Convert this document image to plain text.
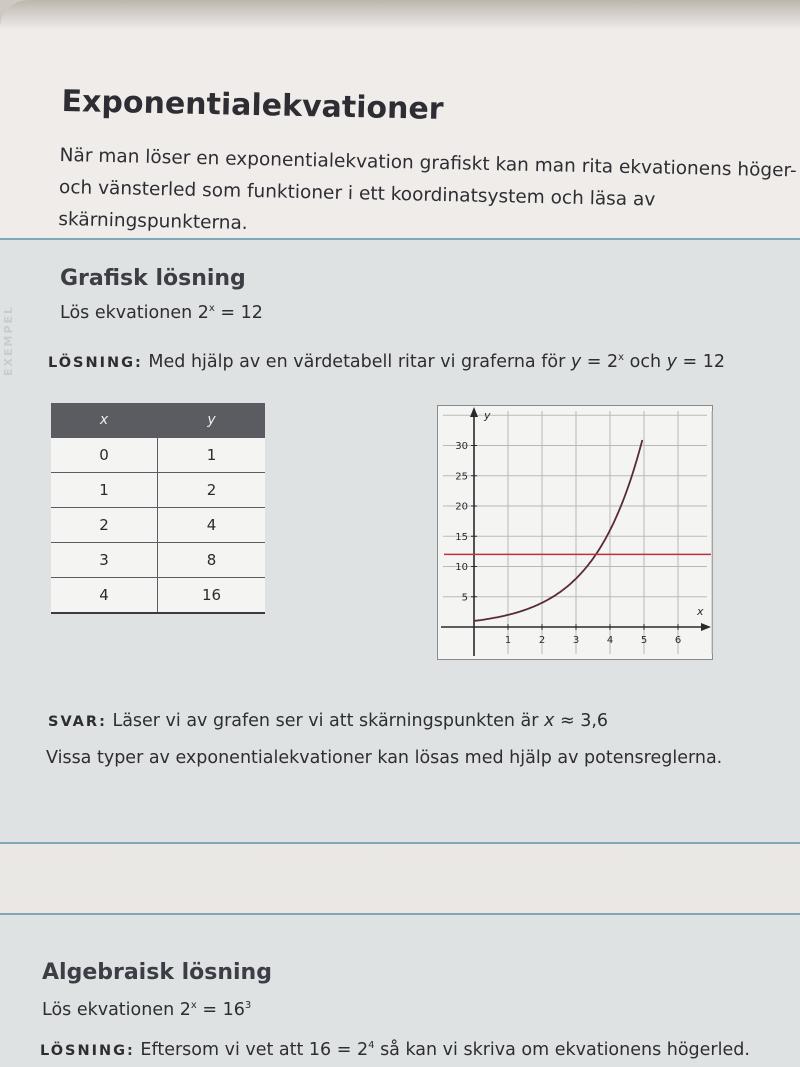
Exponentialekvationer

När man löser en exponentialekvation grafiskt kan man rita ekvationens höger- och vänsterled som funktioner i ett koordinatsystem och läsa av skärningspunkterna.

EXEMPEL
Grafisk lösning
Lös ekvationen $2^x = 12$
LÖSNING: Med hjälp av en värdetabell ritar vi graferna för $y = 2^x$ och y = 12
x	y
0	1
1	2
2	4
3	8
4	16
1	2	3	4	5	6
5
10
15
20
25
30
x
y
SVAR: Läser vi av grafen ser vi att skärningspunkten är x ≈ 3,6
Vissa typer av exponentialekvationer kan lösas med hjälp av potensreglerna.
Algebraisk lösning
Lös ekvationen $2^x = 16^3$
LÖSNING: Eftersom vi vet att $16 = 2^4$ så kan vi skriva om ekvationens högerled.
